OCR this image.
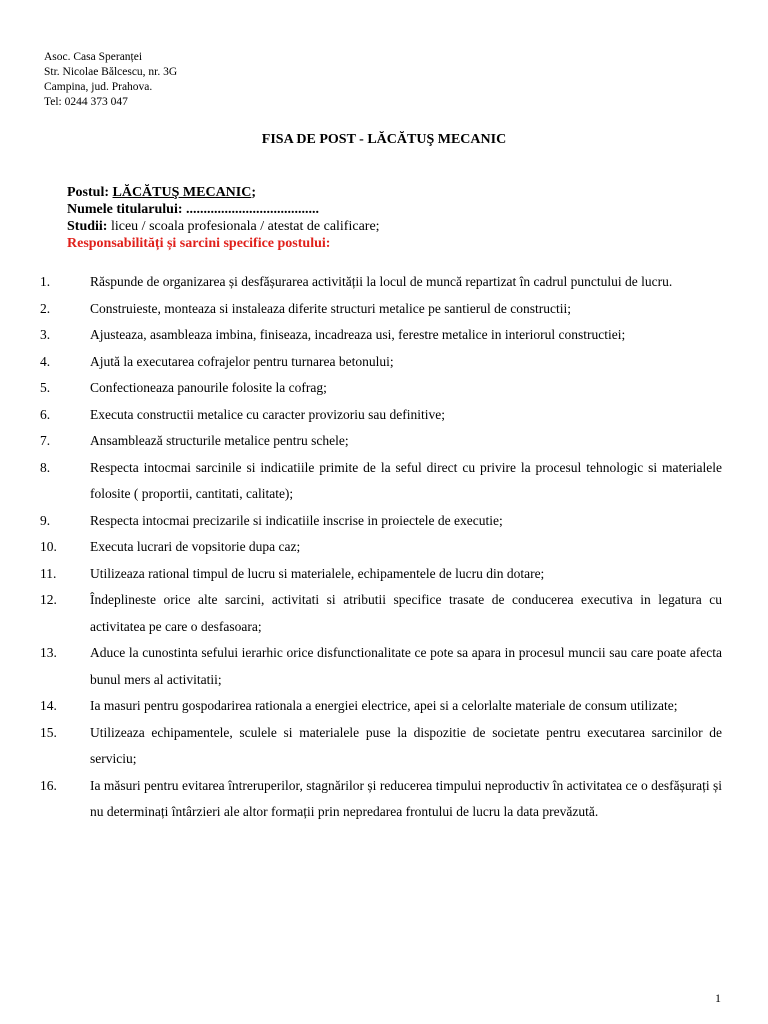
Asoc. Casa Speranței
Str. Nicolae Bălcescu, nr. 3G
Campina, jud. Prahova.
Tel: 0244 373 047
FISA DE POST - LĂCĂTUŞ MECANIC
Postul: LĂCĂTUŞ MECANIC;
Numele titularului: ......................................
Studii: liceu / scoala profesionala / atestat de calificare;
Responsabilități și sarcini specifice postului:
1.	Răspunde de organizarea și desfășurarea activității la locul de muncă repartizat în cadrul punctului de lucru.
2.	Construieste, monteaza si instaleaza diferite structuri metalice pe santierul de constructii;
3.	Ajusteaza, asambleaza imbina, finiseaza, incadreaza usi, ferestre metalice in interiorul constructiei;
4.	Ajută la executarea cofrajelor pentru turnarea betonului;
5.	Confectioneaza panourile folosite la cofrag;
6.	Executa constructii metalice cu caracter provizoriu sau definitive;
7.	Ansamblează structurile metalice pentru schele;
8.	Respecta intocmai sarcinile si indicatiile primite de la seful direct cu privire la procesul tehnologic si materialele folosite ( proportii, cantitati, calitate);
9.	Respecta intocmai precizarile si indicatiile inscrise in proiectele de executie;
10. Executa lucrari de vopsitorie dupa caz;
11. Utilizeaza rational timpul de lucru si materialele, echipamentele de lucru din dotare;
12. Îndeplineste orice alte sarcini, activitati si atributii specifice trasate de conducerea executiva in legatura cu activitatea pe care o desfasoara;
13. Aduce la cunostinta sefului ierarhic orice disfunctionalitate ce pote sa apara in procesul muncii sau care poate afecta bunul mers al activitatii;
14. Ia masuri pentru gospodarirea rationala a energiei electrice, apei si a celorlalte materiale de consum utilizate;
15. Utilizeaza echipamentele, sculele si materialele puse la dispozitie de societate pentru executarea sarcinilor de serviciu;
16. Ia măsuri pentru evitarea întreruperilor, stagnărilor și reducerea timpului neproductiv în activitatea ce o desfășurați și nu determinați întârzieri ale altor formații prin nepredarea frontului de lucru la data prevăzută.
1
